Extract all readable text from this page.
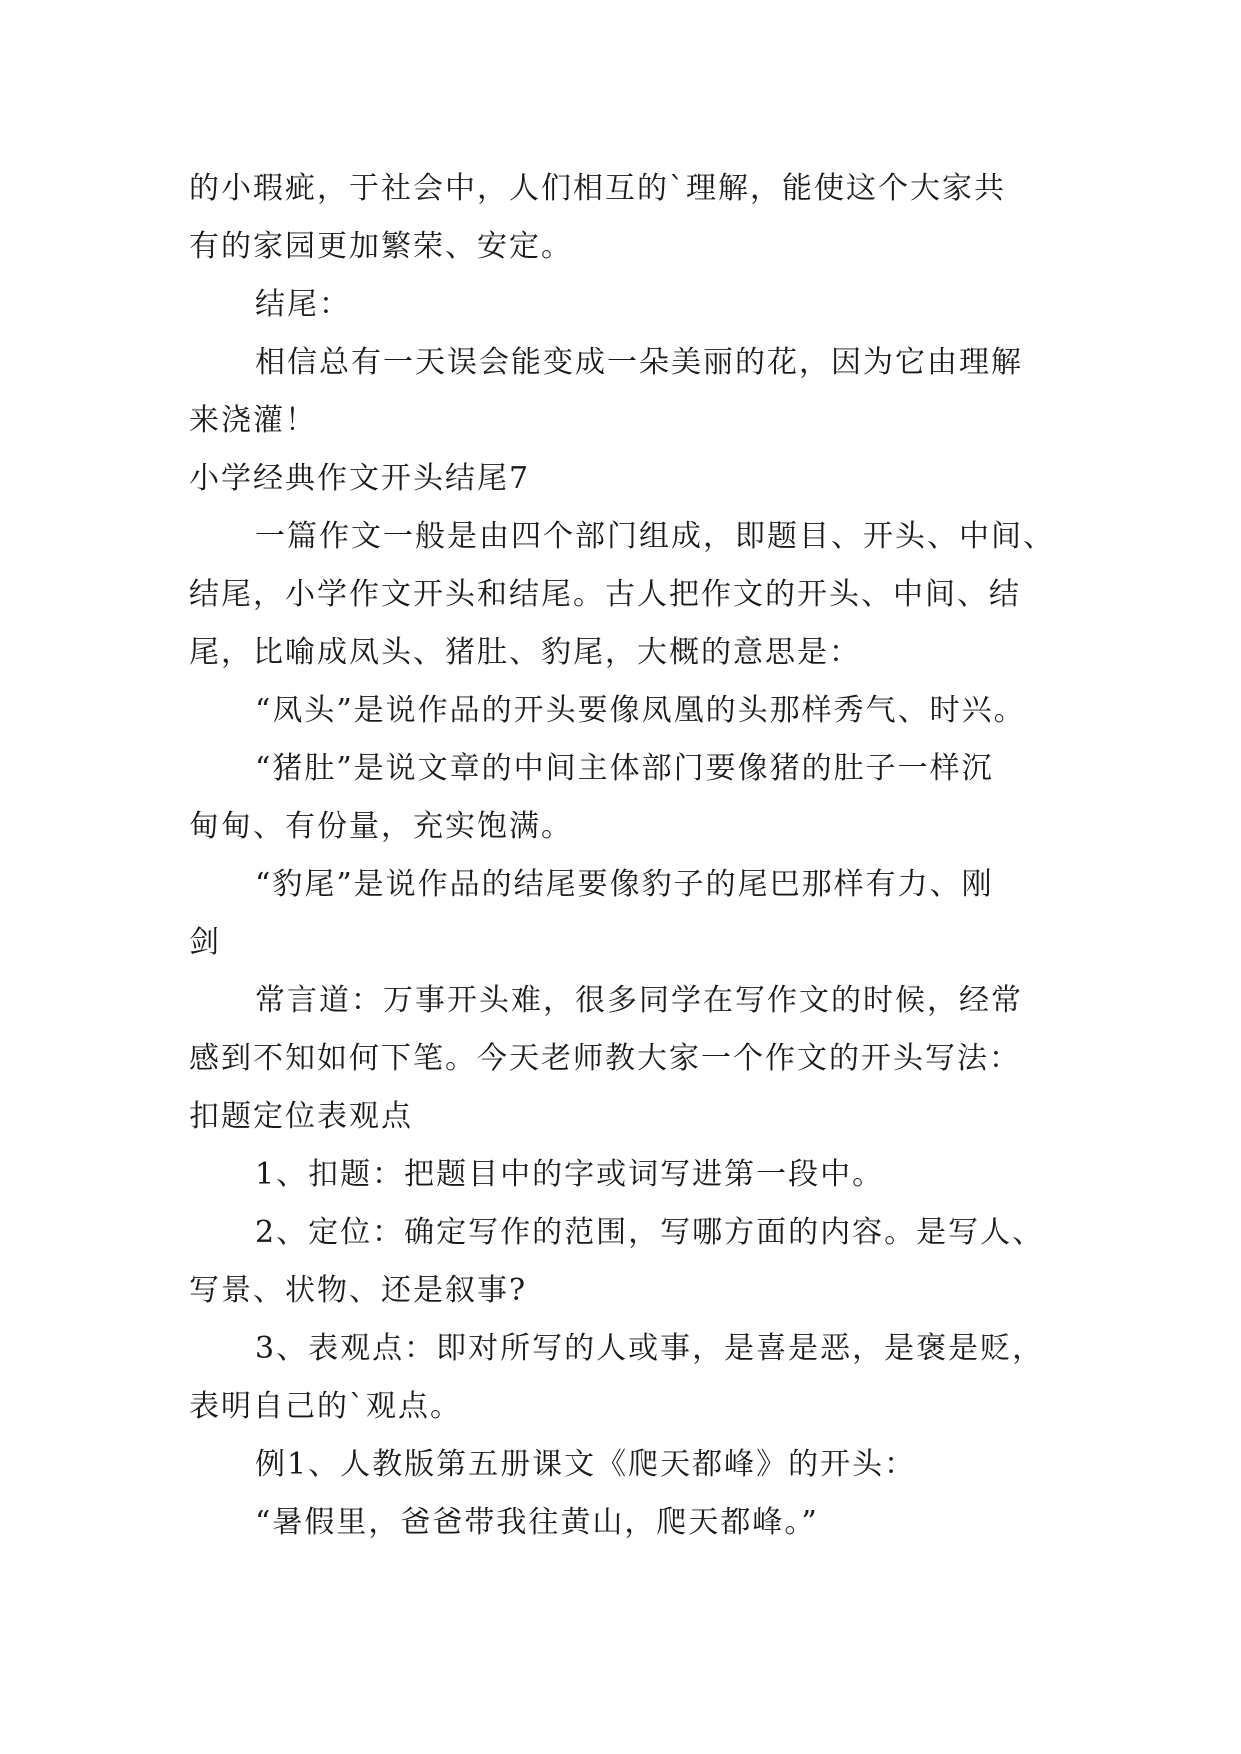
的小瑕疵，于社会中，人们相互的`理解，能使这个大家共

有的家园更加繁荣、安定。

结尾：

相信总有一天误会能变成一朵美丽的花，因为它由理解

来浇灌！

小学经典作文开头结尾7

一篇作文一般是由四个部门组成，即题目、开头、中间、

结尾，小学作文开头和结尾。古人把作文的开头、中间、结

尾，比喻成凤头、猪肚、豹尾，大概的意思是：

“凤头”是说作品的开头要像凤凰的头那样秀气、时兴。

“猪肚”是说文章的中间主体部门要像猪的肚子一样沉

甸甸、有份量，充实饱满。

“豹尾”是说作品的结尾要像豹子的尾巴那样有力、刚

剑

常言道：万事开头难，很多同学在写作文的时候，经常

感到不知如何下笔。今天老师教大家一个作文的开头写法：

扣题定位表观点

1、扣题：把题目中的字或词写进第一段中。

2、定位：确定写作的范围，写哪方面的内容。是写人、

写景、状物、还是叙事?

3、表观点：即对所写的人或事，是喜是恶，是褒是贬，

表明自己的`观点。

例1、人教版第五册课文《爬天都峰》的开头：

“暑假里，爸爸带我往黄山，爬天都峰。”
